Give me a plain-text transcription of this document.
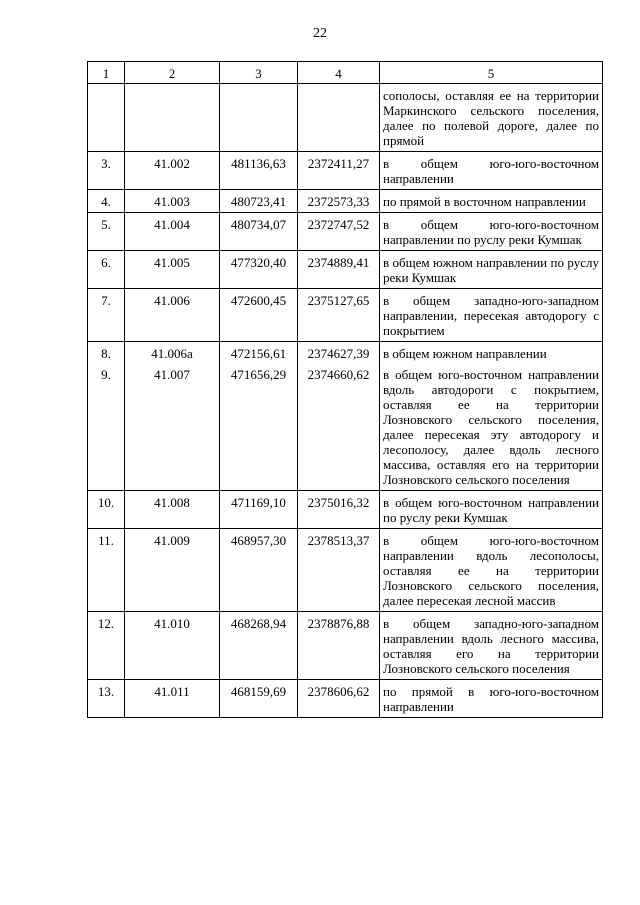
22
1	2	3	4	5
				сополосы, оставляя ее на территории Маркинского сельского поселения, далее по полевой дороге, далее по прямой
3.	41.002	481136,63	2372411,27	в общем юго-юго-восточном направлении
4.	41.003	480723,41	2372573,33	по прямой в восточном направлении
5.	41.004	480734,07	2372747,52	в общем юго-юго-восточном направлении по руслу реки Кумшак
6.	41.005	477320,40	2374889,41	в общем южном направлении по руслу реки Кумшак
7.	41.006	472600,45	2375127,65	в общем западно-юго-западном направлении, пересекая автодорогу с покрытием
8.	41.006а	472156,61	2374627,39	в общем южном направлении
9.	41.007	471656,29	2374660,62	в общем юго-восточном направлении вдоль автодороги с покрытием, оставляя ее на территории Лозновского сельского поселения, далее пересекая эту автодорогу и лесополосу, далее вдоль лесного массива, оставляя его на территории Лозновского сельского поселения
10.	41.008	471169,10	2375016,32	в общем юго-восточном направлении по руслу реки Кумшак
11.	41.009	468957,30	2378513,37	в общем юго-юго-восточном направлении вдоль лесополосы, оставляя ее на территории Лозновского сельского поселения, далее пересекая лесной массив
12.	41.010	468268,94	2378876,88	в общем западно-юго-западном направлении вдоль лесного массива, оставляя его на территории Лозновского сельского поселения
13.	41.011	468159,69	2378606,62	по прямой в юго-юго-восточном направлении
